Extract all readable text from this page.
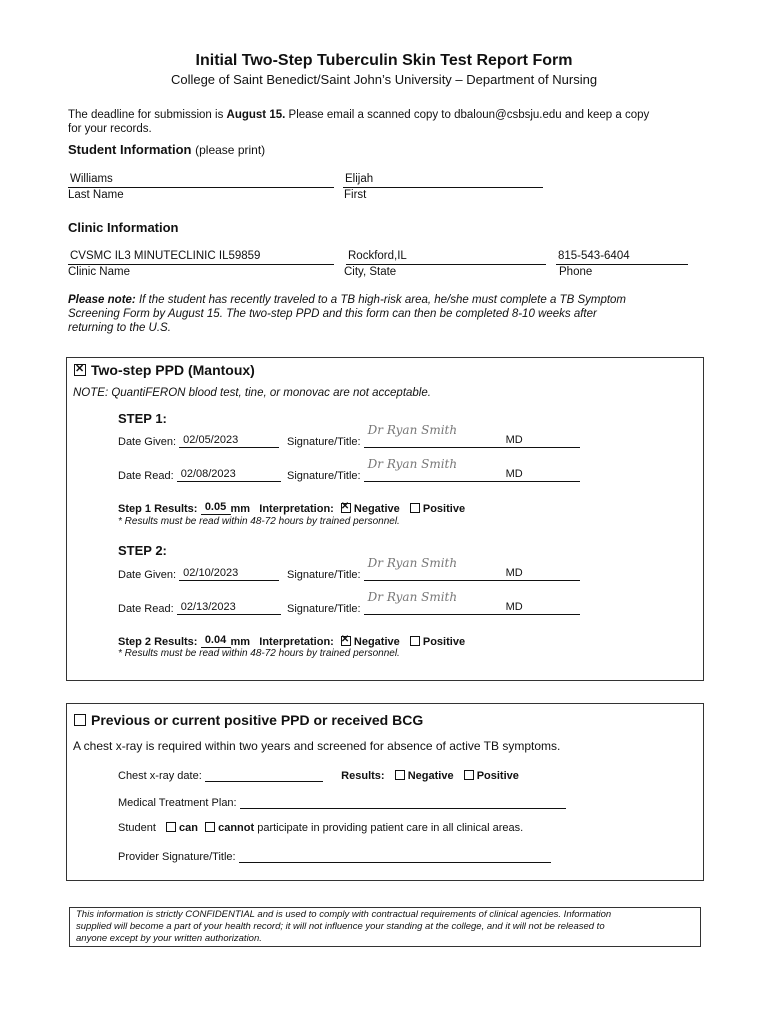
Initial Two-Step Tuberculin Skin Test Report Form
College of Saint Benedict/Saint John’s University – Department of Nursing
The deadline for submission is August 15. Please email a scanned copy to dbaloun@csbsju.edu and keep a copy
for your records.
Student Information (please print)
Williams
Last Name
Elijah
First
Clinic Information
CVSMC IL3 MINUTECLINIC IL59859
Clinic Name
Rockford,IL
City, State
815-543-6404
Phone
Please note: If the student has recently traveled to a TB high-risk area, he/she must complete a TB Symptom
Screening Form by August 15. The two-step PPD and this form can then be completed 8-10 weeks after
returning to the U.S.
✕Two-step PPD (Mantoux)
NOTE: QuantiFERON blood test, tine, or monovac are not acceptable.
STEP 1:
Date Given: 02/05/2023	Signature/Title:
Dr Ryan Smith
MD
Date Read: 02/08/2023	Signature/Title:
Dr Ryan Smith
MD
Step 1 Results: 0.05 mm Interpretation: ✕ Negative Positive
* Results must be read within 48-72 hours by trained personnel.
STEP 2:
Date Given: 02/10/2023	Signature/Title:
Dr Ryan Smith
MD
Date Read: 02/13/2023	Signature/Title:
Dr Ryan Smith
MD
Step 2 Results: 0.04 mm Interpretation: ✕ Negative Positive
* Results must be read within 48-72 hours by trained personnel.
Previous or current positive PPD or received BCG
A chest x-ray is required within two years and screened for absence of active TB symptoms.
Chest x-ray date:	Results: Negative Positive
Medical Treatment Plan:
Student can cannot participate in providing patient care in all clinical areas.
Provider Signature/Title:
This information is strictly CONFIDENTIAL and is used to comply with contractual requirements of clinical agencies. Information
supplied will become a part of your health record; it will not influence your standing at the college, and it will not be released to
anyone except by your written authorization.
